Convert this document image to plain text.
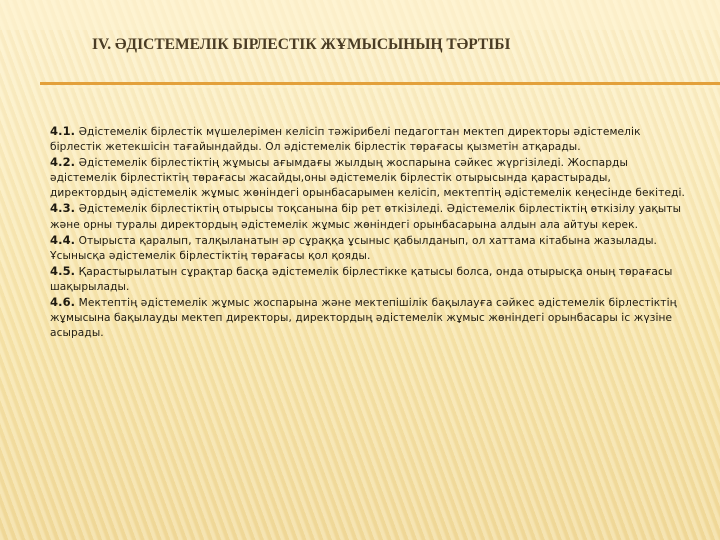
IV. ӘДІСТЕМЕЛІК БІРЛЕСТІК ЖҰМЫСЫНЫҢ ТӘРТІБІ

4.1. Әдістемелік бірлестік мүшелерімен келісіп тәжірибелі педагогтан мектеп директоры әдістемелік бірлестік жетекшісін тағайындайды. Ол әдістемелік бірлестік төрағасы қызметін атқарады.

4.2. Әдістемелік бірлестіктің жұмысы ағымдағы жылдың жоспарына сәйкес жүргізіледі. Жоспарды әдістемелік бірлестіктің төрағасы жасайды,оны әдістемелік бірлестік отырысында қарастырады, директордың әдістемелік жұмыс жөніндегі орынбасарымен келісіп, мектептің әдістемелік кеңесінде бекітеді.

4.3. Әдістемелік бірлестіктің отырысы тоқсанына бір рет өткізіледі. Әдістемелік бірлестіктің өткізілу уақыты және орны туралы директордың әдістемелік жұмыс жөніндегі орынбасарына алдын ала айтуы керек.

4.4. Отырыста қаралып, талқыланатын әр сұраққа ұсыныс қабылданып, ол хаттама кітабына жазылады. Ұсынысқа әдістемелік бірлестіктің төрағасы қол қояды.

4.5. Қарастырылатын сұрақтар басқа әдістемелік бірлестікке қатысы болса, онда отырысқа оның төрағасы шақырылады.

4.6. Мектептің әдістемелік жұмыс жоспарына және мектепішілік бақылауға сәйкес әдістемелік бірлестіктің жұмысына бақылауды мектеп директоры, директордың әдістемелік жұмыс жөніндегі орынбасары іс жүзіне асырады.
